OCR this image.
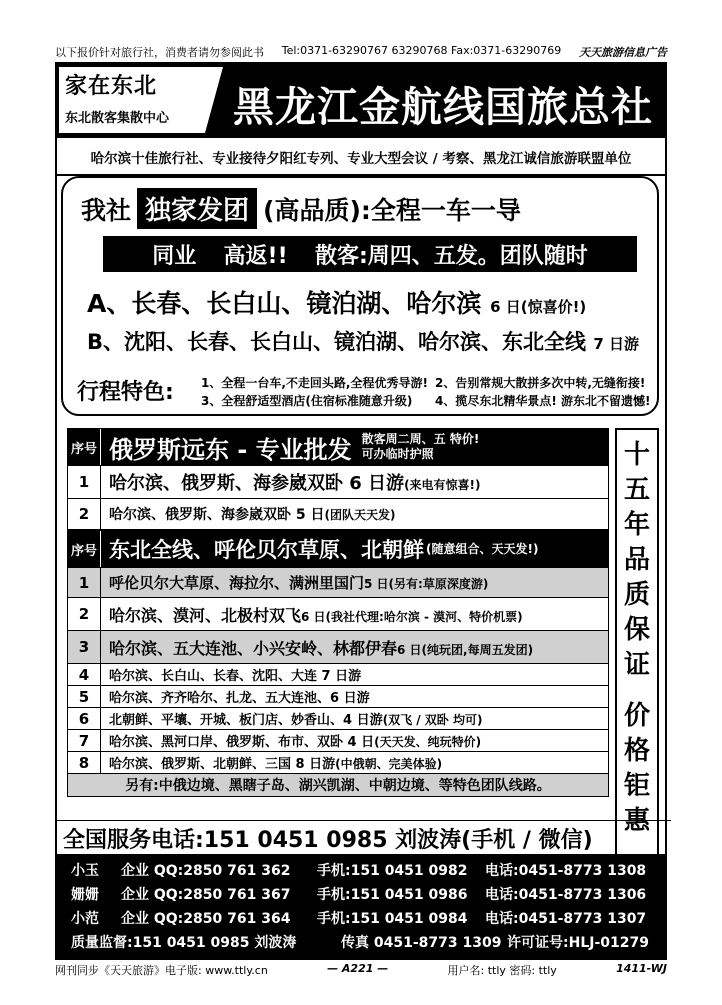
以下报价针对旅行社，消费者请勿参阅此书 Tel:0371-63290767 63290768 Fax:0371-63290769 天天旅游信息广告
家在东北
东北散客集散中心 黑龙江金航线国旅总社
哈尔滨十佳旅行社、专业接待夕阳红专列、专业大型会议 / 考察、黑龙江诚信旅游联盟单位
我社 独家发团 (高品质):全程一车一导
同业  高返!!  散客:周四、五发。团队随时
A、长春、长白山、镜泊湖、哈尔滨 6 日(惊喜价!)
B、沈阳、长春、长白山、镜泊湖、哈尔滨、东北全线 7 日游
行程特色: 1、全程一台车,不走回头路,全程优秀导游! 2、告别常规大散拼多次中转,无缝衔接!
3、全程舒适型酒店(住宿标准随意升级) 4、揽尽东北精华景点! 游东北不留遗憾!
序号 俄罗斯远东 - 专业批发 散客周二周、五 特价!
可办临时护照
1	哈尔滨、俄罗斯、海参崴双卧 6 日游(来电有惊喜!)
2	哈尔滨、俄罗斯、海参崴双卧 5 日(团队天天发)
序号 东北全线、呼伦贝尔草原、北朝鲜 (随意组合、天天发!)
1	呼伦贝尔大草原、海拉尔、满洲里国门5 日(另有:草原深度游)
2	哈尔滨、漠河、北极村双飞6 日(我社代理:哈尔滨 - 漠河、特价机票)
3	哈尔滨、五大连池、小兴安岭、林都伊春6 日(纯玩团,每周五发团)
4	哈尔滨、长白山、长春、沈阳、大连 7 日游
5	哈尔滨、齐齐哈尔、扎龙、五大连池、6 日游
6	北朝鲜、平壤、开城、板门店、妙香山、4 日游(双飞 / 双卧 均可)
7	哈尔滨、黑河口岸、俄罗斯、布市、双卧 4 日(天天发、纯玩特价)
8	哈尔滨、俄罗斯、北朝鲜、三国 8 日游(中俄朝、完美体验)
另有:中俄边境、黑瞎子岛、湖兴凯湖、中朝边境、等特色团队线路。
十
五
年
品
质
保
证
价
格
钜
惠
全国服务电话:151 0451 0985 刘波涛(手机 / 微信)
小玉 企业 QQ:2850 761 362 手机:151 0451 0982 电话:0451-8773 1308
姗姗 企业 QQ:2850 761 367 手机:151 0451 0986 电话:0451-8773 1306
小范 企业 QQ:2850 761 364 手机:151 0451 0984 电话:0451-8773 1307
质量监督:151 0451 0985 刘波涛	传真 0451-8773 1309 许可证号:HLJ-01279
网刊同步《天天旅游》电子版: www.ttly.cn	— A221 —	用户名: ttly 密码: ttly	1411-WJ
